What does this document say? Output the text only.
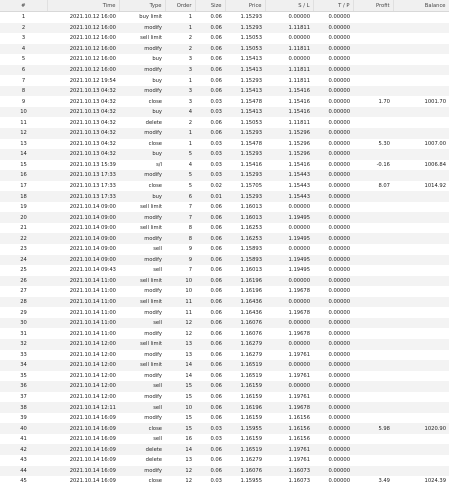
#	Time	Type	Order	Size	Price	S / L	T / P	Profit	Balance
1	2021.10.12 16:00	buy limit	1	0.06	1.15293	0.00000	0.00000		
2	2021.10.12 16:00	modify	1	0.06	1.15293	1.11811	0.00000		
3	2021.10.12 16:00	sell limit	2	0.06	1.15053	0.00000	0.00000		
4	2021.10.12 16:00	modify	2	0.06	1.15053	1.11811	0.00000		
5	2021.10.12 16:00	buy	3	0.06	1.15413	0.00000	0.00000		
6	2021.10.12 16:00	modify	3	0.06	1.15413	1.11811	0.00000		
7	2021.10.12 19:54	buy	1	0.06	1.15293	1.11811	0.00000		
8	2021.10.13 04:32	modify	3	0.06	1.15413	1.15416	0.00000		
9	2021.10.13 04:32	close	3	0.03	1.15478	1.15416	0.00000	1.70	1001.70
10	2021.10.13 04:32	buy	4	0.03	1.15413	1.15416	0.00000		
11	2021.10.13 04:32	delete	2	0.06	1.15053	1.11811	0.00000		
12	2021.10.13 04:32	modify	1	0.06	1.15293	1.15296	0.00000		
13	2021.10.13 04:32	close	1	0.03	1.15478	1.15296	0.00000	5.30	1007.00
14	2021.10.13 04:32	buy	5	0.03	1.15293	1.15296	0.00000		
15	2021.10.13 15:39	s/l	4	0.03	1.15416	1.15416	0.00000	-0.16	1006.84
16	2021.10.13 17:33	modify	5	0.03	1.15293	1.15443	0.00000		
17	2021.10.13 17:33	close	5	0.02	1.15705	1.15443	0.00000	8.07	1014.92
18	2021.10.13 17:33	buy	6	0.01	1.15293	1.15443	0.00000		
19	2021.10.14 09:00	sell limit	7	0.06	1.16013	0.00000	0.00000		
20	2021.10.14 09:00	modify	7	0.06	1.16013	1.19495	0.00000		
21	2021.10.14 09:00	sell limit	8	0.06	1.16253	0.00000	0.00000		
22	2021.10.14 09:00	modify	8	0.06	1.16253	1.19495	0.00000		
23	2021.10.14 09:00	sell	9	0.06	1.15893	0.00000	0.00000		
24	2021.10.14 09:00	modify	9	0.06	1.15893	1.19495	0.00000		
25	2021.10.14 09:43	sell	7	0.06	1.16013	1.19495	0.00000		
26	2021.10.14 11:00	sell limit	10	0.06	1.16196	0.00000	0.00000		
27	2021.10.14 11:00	modify	10	0.06	1.16196	1.19678	0.00000		
28	2021.10.14 11:00	sell limit	11	0.06	1.16436	0.00000	0.00000		
29	2021.10.14 11:00	modify	11	0.06	1.16436	1.19678	0.00000		
30	2021.10.14 11:00	sell	12	0.06	1.16076	0.00000	0.00000		
31	2021.10.14 11:00	modify	12	0.06	1.16076	1.19678	0.00000		
32	2021.10.14 12:00	sell limit	13	0.06	1.16279	0.00000	0.00000		
33	2021.10.14 12:00	modify	13	0.06	1.16279	1.19761	0.00000		
34	2021.10.14 12:00	sell limit	14	0.06	1.16519	0.00000	0.00000		
35	2021.10.14 12:00	modify	14	0.06	1.16519	1.19761	0.00000		
36	2021.10.14 12:00	sell	15	0.06	1.16159	0.00000	0.00000		
37	2021.10.14 12:00	modify	15	0.06	1.16159	1.19761	0.00000		
38	2021.10.14 12:11	sell	10	0.06	1.16196	1.19678	0.00000		
39	2021.10.14 16:09	modify	15	0.06	1.16159	1.16156	0.00000		
40	2021.10.14 16:09	close	15	0.03	1.15955	1.16156	0.00000	5.98	1020.90
41	2021.10.14 16:09	sell	16	0.03	1.16159	1.16156	0.00000		
42	2021.10.14 16:09	delete	14	0.06	1.16519	1.19761	0.00000		
43	2021.10.14 16:09	delete	13	0.06	1.16279	1.19761	0.00000		
44	2021.10.14 16:09	modify	12	0.06	1.16076	1.16073	0.00000		
45	2021.10.14 16:09	close	12	0.03	1.15955	1.16073	0.00000	3.49	1024.39
